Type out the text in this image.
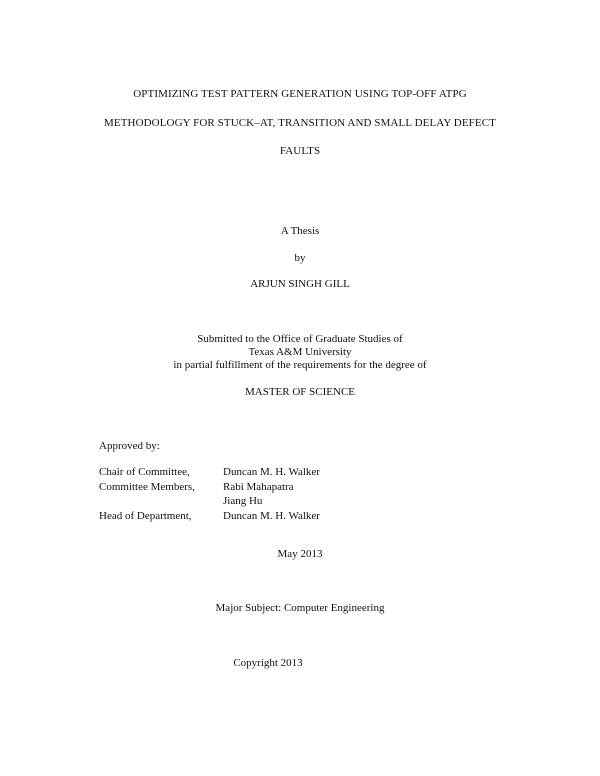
OPTIMIZING TEST PATTERN GENERATION USING TOP-OFF ATPG
METHODOLOGY FOR STUCK–AT, TRANSITION AND SMALL DELAY DEFECT
FAULTS
A Thesis
by
ARJUN SINGH GILL
Submitted to the Office of Graduate Studies of
Texas A&M University
in partial fulfillment of the requirements for the degree of
MASTER OF SCIENCE
Approved by:
Chair of Committee,	Duncan M. H. Walker
Committee Members,	Rabi Mahapatra
Jiang Hu
Head of Department,	Duncan M. H. Walker
May 2013
Major Subject: Computer Engineering
Copyright 2013
